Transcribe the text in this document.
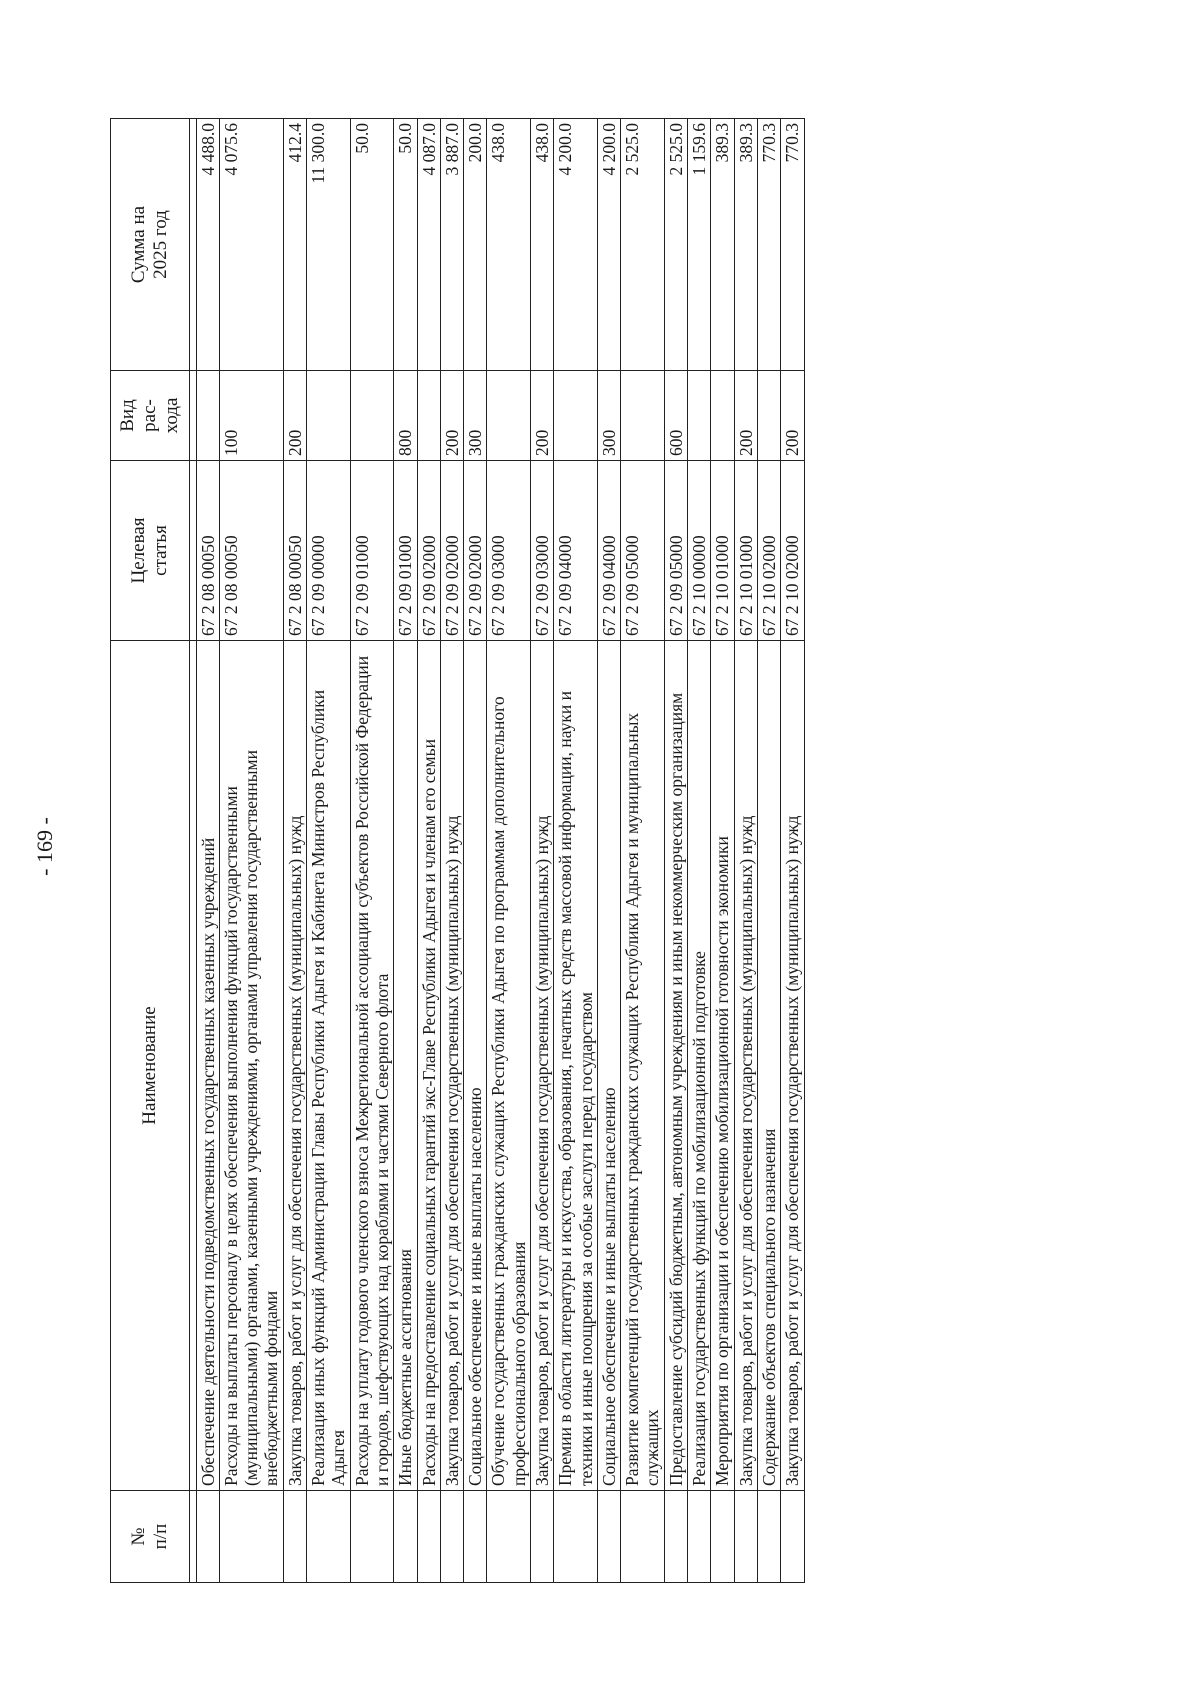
- 169 -
№ п/п	Наименование	Целевая статья	Вид рас- хода	Сумма на 2025 год

	Обеспечение деятельности подведомственных государственных казенных учреждений	67 2 08 00050		4 488.0
	Расходы на выплаты персоналу в целях обеспечения выполнения функций государственными (муниципальными) органами, казенными учреждениями, органами управления государственными внебюджетными фондами	67 2 08 00050	100	4 075.6
	Закупка товаров, работ и услуг для обеспечения государственных (муниципальных) нужд	67 2 08 00050	200	412.4
	Реализация иных функций Администрации Главы Республики Адыгея и Кабинета Министров Республики Адыгея	67 2 09 00000		11 300.0
	Расходы на уплату годового членского взноса Межрегиональной ассоциации субъектов Российской Федерации и городов, шефствующих над кораблями и частями Северного флота	67 2 09 01000		50.0
	Иные бюджетные ассигнования	67 2 09 01000	800	50.0
	Расходы на предоставление социальных гарантий экс-Главе Республики Адыгея и членам его семьи	67 2 09 02000		4 087.0
	Закупка товаров, работ и услуг для обеспечения государственных (муниципальных) нужд	67 2 09 02000	200	3 887.0
	Социальное обеспечение и иные выплаты населению	67 2 09 02000	300	200.0
	Обучение государственных гражданских служащих Республики Адыгея по программам дополнительного профессионального образования	67 2 09 03000		438.0
	Закупка товаров, работ и услуг для обеспечения государственных (муниципальных) нужд	67 2 09 03000	200	438.0
	Премии в области литературы и искусства, образования, печатных средств массовой информации, науки и техники и иные поощрения за особые заслуги перед государством	67 2 09 04000		4 200.0
	Социальное обеспечение и иные выплаты населению	67 2 09 04000	300	4 200.0
	Развитие компетенций государственных гражданских служащих Республики Адыгея и муниципальных служащих	67 2 09 05000		2 525.0
	Предоставление субсидий бюджетным, автономным учреждениям и иным некоммерческим организациям	67 2 09 05000	600	2 525.0
	Реализация государственных функций по мобилизационной подготовке	67 2 10 00000		1 159.6
	Мероприятия по организации и обеспечению мобилизационной готовности экономики	67 2 10 01000		389.3
	Закупка товаров, работ и услуг для обеспечения государственных (муниципальных) нужд	67 2 10 01000	200	389.3
	Содержание объектов специального назначения	67 2 10 02000		770.3
	Закупка товаров, работ и услуг для обеспечения государственных (муниципальных) нужд	67 2 10 02000	200	770.3
